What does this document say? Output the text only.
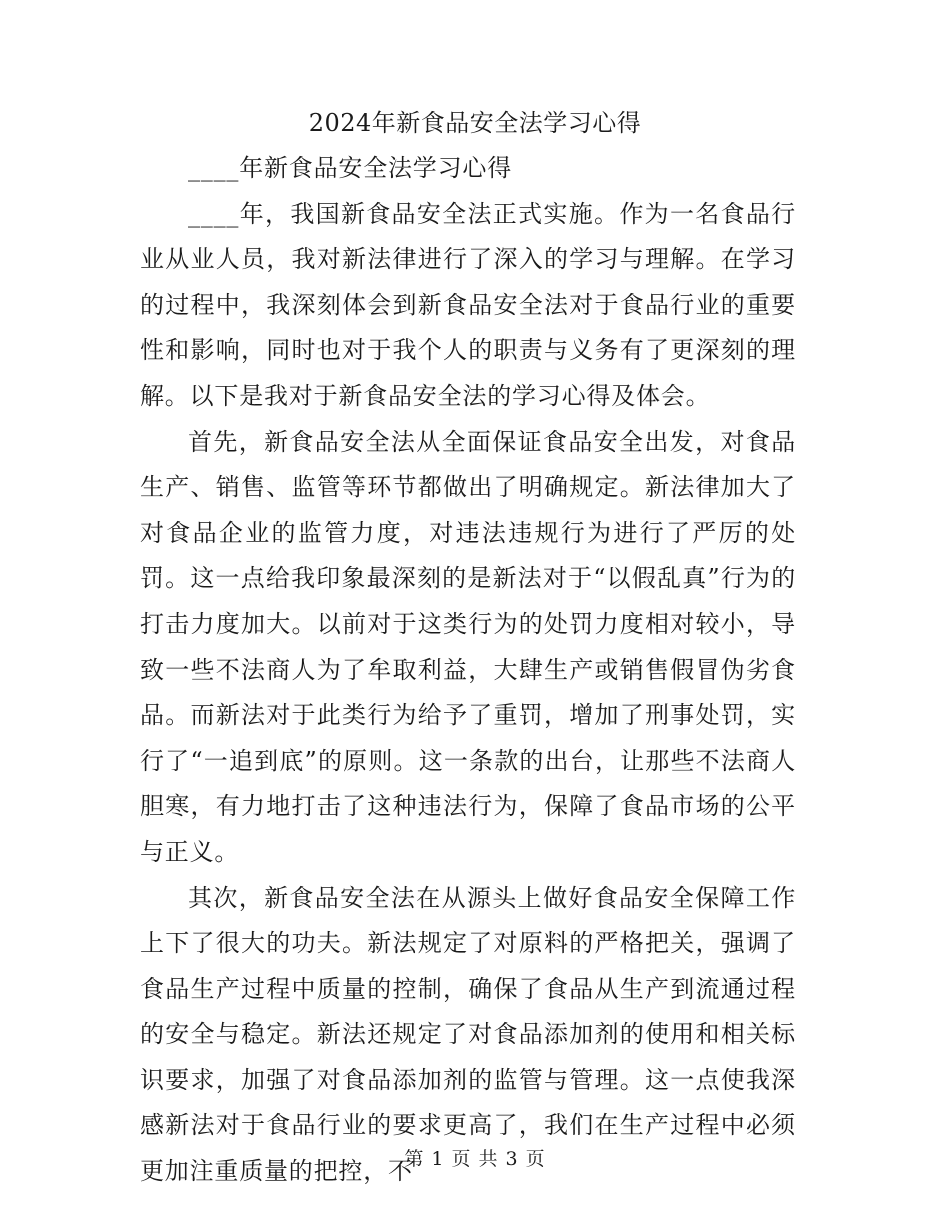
2024年新食品安全法学习心得

____年新食品安全法学习心得

____年，我国新食品安全法正式实施。作为一名食品行业从业人员，我对新法律进行了深入的学习与理解。在学习的过程中，我深刻体会到新食品安全法对于食品行业的重要性和影响，同时也对于我个人的职责与义务有了更深刻的理解。以下是我对于新食品安全法的学习心得及体会。

首先，新食品安全法从全面保证食品安全出发，对食品生产、销售、监管等环节都做出了明确规定。新法律加大了对食品企业的监管力度，对违法违规行为进行了严厉的处罚。这一点给我印象最深刻的是新法对于“以假乱真”行为的打击力度加大。以前对于这类行为的处罚力度相对较小，导致一些不法商人为了牟取利益，大肆生产或销售假冒伪劣食品。而新法对于此类行为给予了重罚，增加了刑事处罚，实行了“一追到底”的原则。这一条款的出台，让那些不法商人胆寒，有力地打击了这种违法行为，保障了食品市场的公平与正义。

其次，新食品安全法在从源头上做好食品安全保障工作上下了很大的功夫。新法规定了对原料的严格把关，强调了食品生产过程中质量的控制，确保了食品从生产到流通过程的安全与稳定。新法还规定了对食品添加剂的使用和相关标识要求，加强了对食品添加剂的监管与管理。这一点使我深感新法对于食品行业的要求更高了，我们在生产过程中必须更加注重质量的把控，不

第 1 页 共 3 页
